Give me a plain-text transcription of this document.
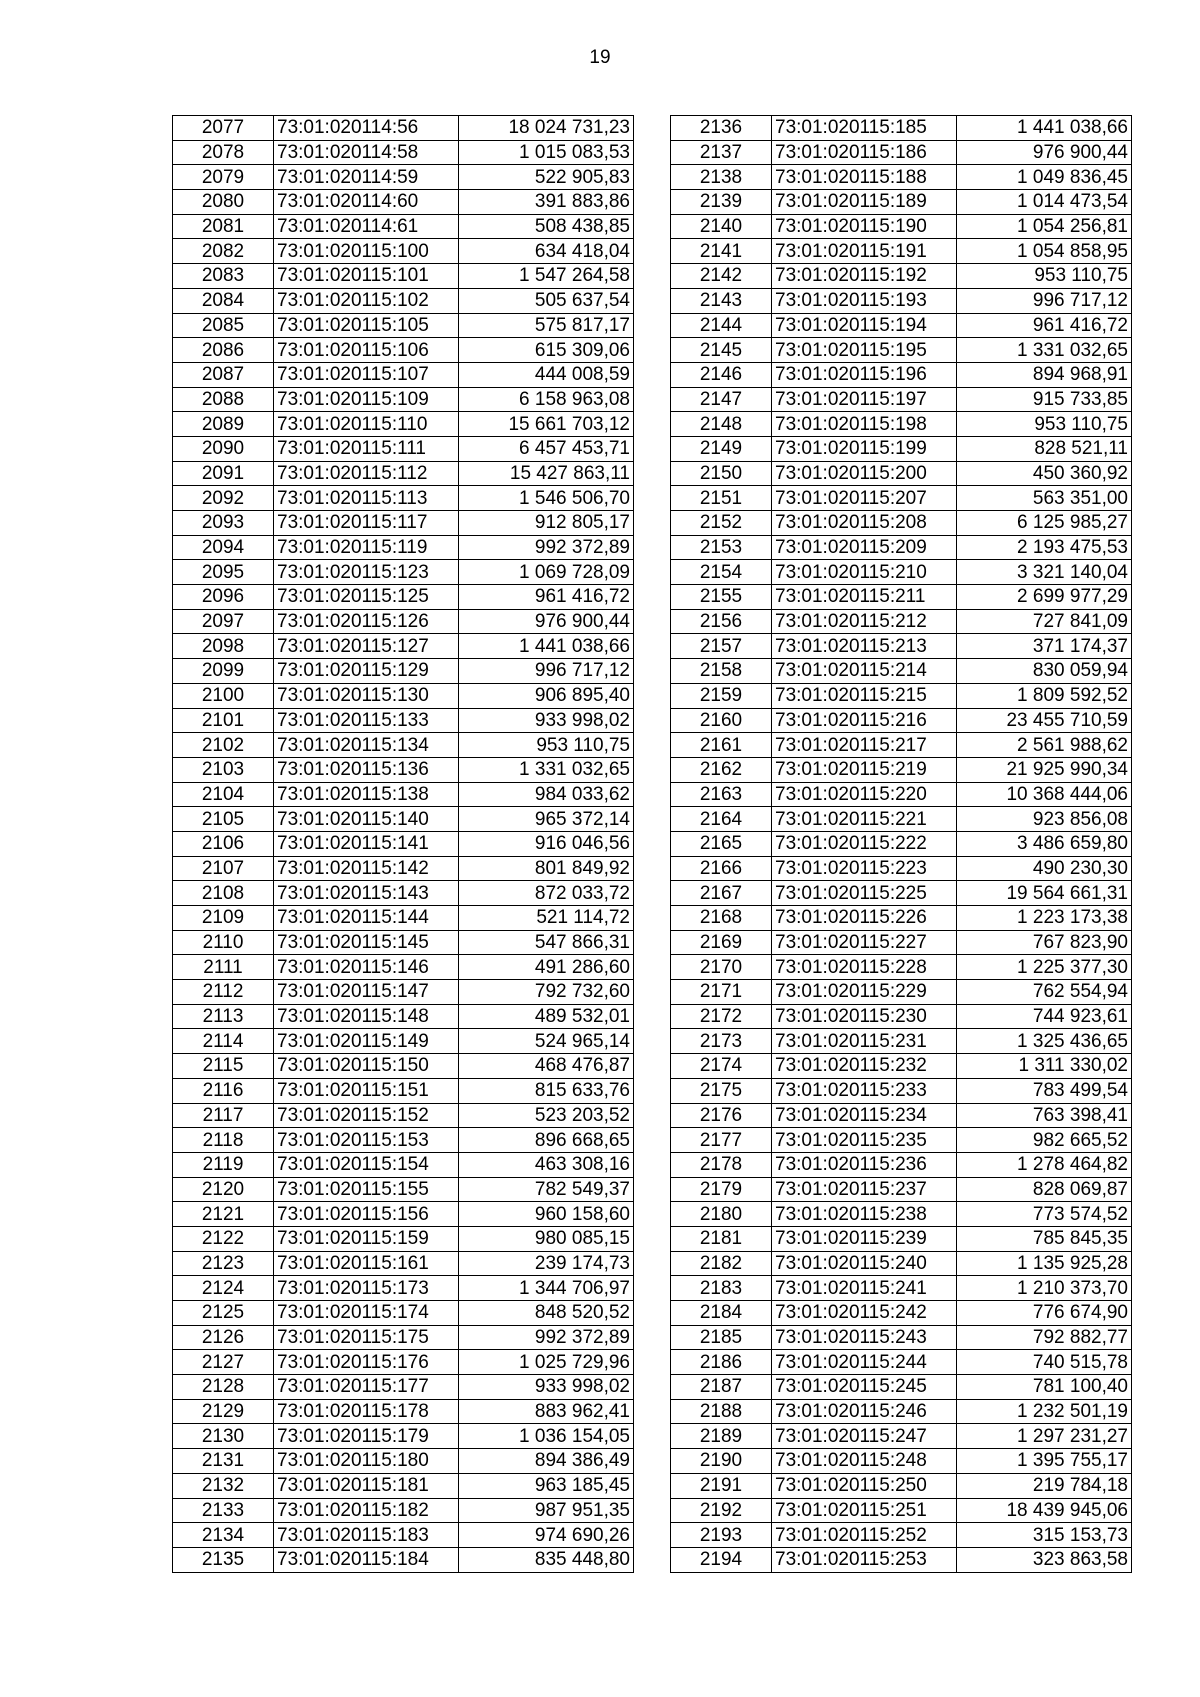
19
2077	73:01:020114:56	18 024 731,23
2078	73:01:020114:58	1 015 083,53
2079	73:01:020114:59	522 905,83
2080	73:01:020114:60	391 883,86
2081	73:01:020114:61	508 438,85
2082	73:01:020115:100	634 418,04
2083	73:01:020115:101	1 547 264,58
2084	73:01:020115:102	505 637,54
2085	73:01:020115:105	575 817,17
2086	73:01:020115:106	615 309,06
2087	73:01:020115:107	444 008,59
2088	73:01:020115:109	6 158 963,08
2089	73:01:020115:110	15 661 703,12
2090	73:01:020115:111	6 457 453,71
2091	73:01:020115:112	15 427 863,11
2092	73:01:020115:113	1 546 506,70
2093	73:01:020115:117	912 805,17
2094	73:01:020115:119	992 372,89
2095	73:01:020115:123	1 069 728,09
2096	73:01:020115:125	961 416,72
2097	73:01:020115:126	976 900,44
2098	73:01:020115:127	1 441 038,66
2099	73:01:020115:129	996 717,12
2100	73:01:020115:130	906 895,40
2101	73:01:020115:133	933 998,02
2102	73:01:020115:134	953 110,75
2103	73:01:020115:136	1 331 032,65
2104	73:01:020115:138	984 033,62
2105	73:01:020115:140	965 372,14
2106	73:01:020115:141	916 046,56
2107	73:01:020115:142	801 849,92
2108	73:01:020115:143	872 033,72
2109	73:01:020115:144	521 114,72
2110	73:01:020115:145	547 866,31
2111	73:01:020115:146	491 286,60
2112	73:01:020115:147	792 732,60
2113	73:01:020115:148	489 532,01
2114	73:01:020115:149	524 965,14
2115	73:01:020115:150	468 476,87
2116	73:01:020115:151	815 633,76
2117	73:01:020115:152	523 203,52
2118	73:01:020115:153	896 668,65
2119	73:01:020115:154	463 308,16
2120	73:01:020115:155	782 549,37
2121	73:01:020115:156	960 158,60
2122	73:01:020115:159	980 085,15
2123	73:01:020115:161	239 174,73
2124	73:01:020115:173	1 344 706,97
2125	73:01:020115:174	848 520,52
2126	73:01:020115:175	992 372,89
2127	73:01:020115:176	1 025 729,96
2128	73:01:020115:177	933 998,02
2129	73:01:020115:178	883 962,41
2130	73:01:020115:179	1 036 154,05
2131	73:01:020115:180	894 386,49
2132	73:01:020115:181	963 185,45
2133	73:01:020115:182	987 951,35
2134	73:01:020115:183	974 690,26
2135	73:01:020115:184	835 448,80
2136	73:01:020115:185	1 441 038,66
2137	73:01:020115:186	976 900,44
2138	73:01:020115:188	1 049 836,45
2139	73:01:020115:189	1 014 473,54
2140	73:01:020115:190	1 054 256,81
2141	73:01:020115:191	1 054 858,95
2142	73:01:020115:192	953 110,75
2143	73:01:020115:193	996 717,12
2144	73:01:020115:194	961 416,72
2145	73:01:020115:195	1 331 032,65
2146	73:01:020115:196	894 968,91
2147	73:01:020115:197	915 733,85
2148	73:01:020115:198	953 110,75
2149	73:01:020115:199	828 521,11
2150	73:01:020115:200	450 360,92
2151	73:01:020115:207	563 351,00
2152	73:01:020115:208	6 125 985,27
2153	73:01:020115:209	2 193 475,53
2154	73:01:020115:210	3 321 140,04
2155	73:01:020115:211	2 699 977,29
2156	73:01:020115:212	727 841,09
2157	73:01:020115:213	371 174,37
2158	73:01:020115:214	830 059,94
2159	73:01:020115:215	1 809 592,52
2160	73:01:020115:216	23 455 710,59
2161	73:01:020115:217	2 561 988,62
2162	73:01:020115:219	21 925 990,34
2163	73:01:020115:220	10 368 444,06
2164	73:01:020115:221	923 856,08
2165	73:01:020115:222	3 486 659,80
2166	73:01:020115:223	490 230,30
2167	73:01:020115:225	19 564 661,31
2168	73:01:020115:226	1 223 173,38
2169	73:01:020115:227	767 823,90
2170	73:01:020115:228	1 225 377,30
2171	73:01:020115:229	762 554,94
2172	73:01:020115:230	744 923,61
2173	73:01:020115:231	1 325 436,65
2174	73:01:020115:232	1 311 330,02
2175	73:01:020115:233	783 499,54
2176	73:01:020115:234	763 398,41
2177	73:01:020115:235	982 665,52
2178	73:01:020115:236	1 278 464,82
2179	73:01:020115:237	828 069,87
2180	73:01:020115:238	773 574,52
2181	73:01:020115:239	785 845,35
2182	73:01:020115:240	1 135 925,28
2183	73:01:020115:241	1 210 373,70
2184	73:01:020115:242	776 674,90
2185	73:01:020115:243	792 882,77
2186	73:01:020115:244	740 515,78
2187	73:01:020115:245	781 100,40
2188	73:01:020115:246	1 232 501,19
2189	73:01:020115:247	1 297 231,27
2190	73:01:020115:248	1 395 755,17
2191	73:01:020115:250	219 784,18
2192	73:01:020115:251	18 439 945,06
2193	73:01:020115:252	315 153,73
2194	73:01:020115:253	323 863,58
